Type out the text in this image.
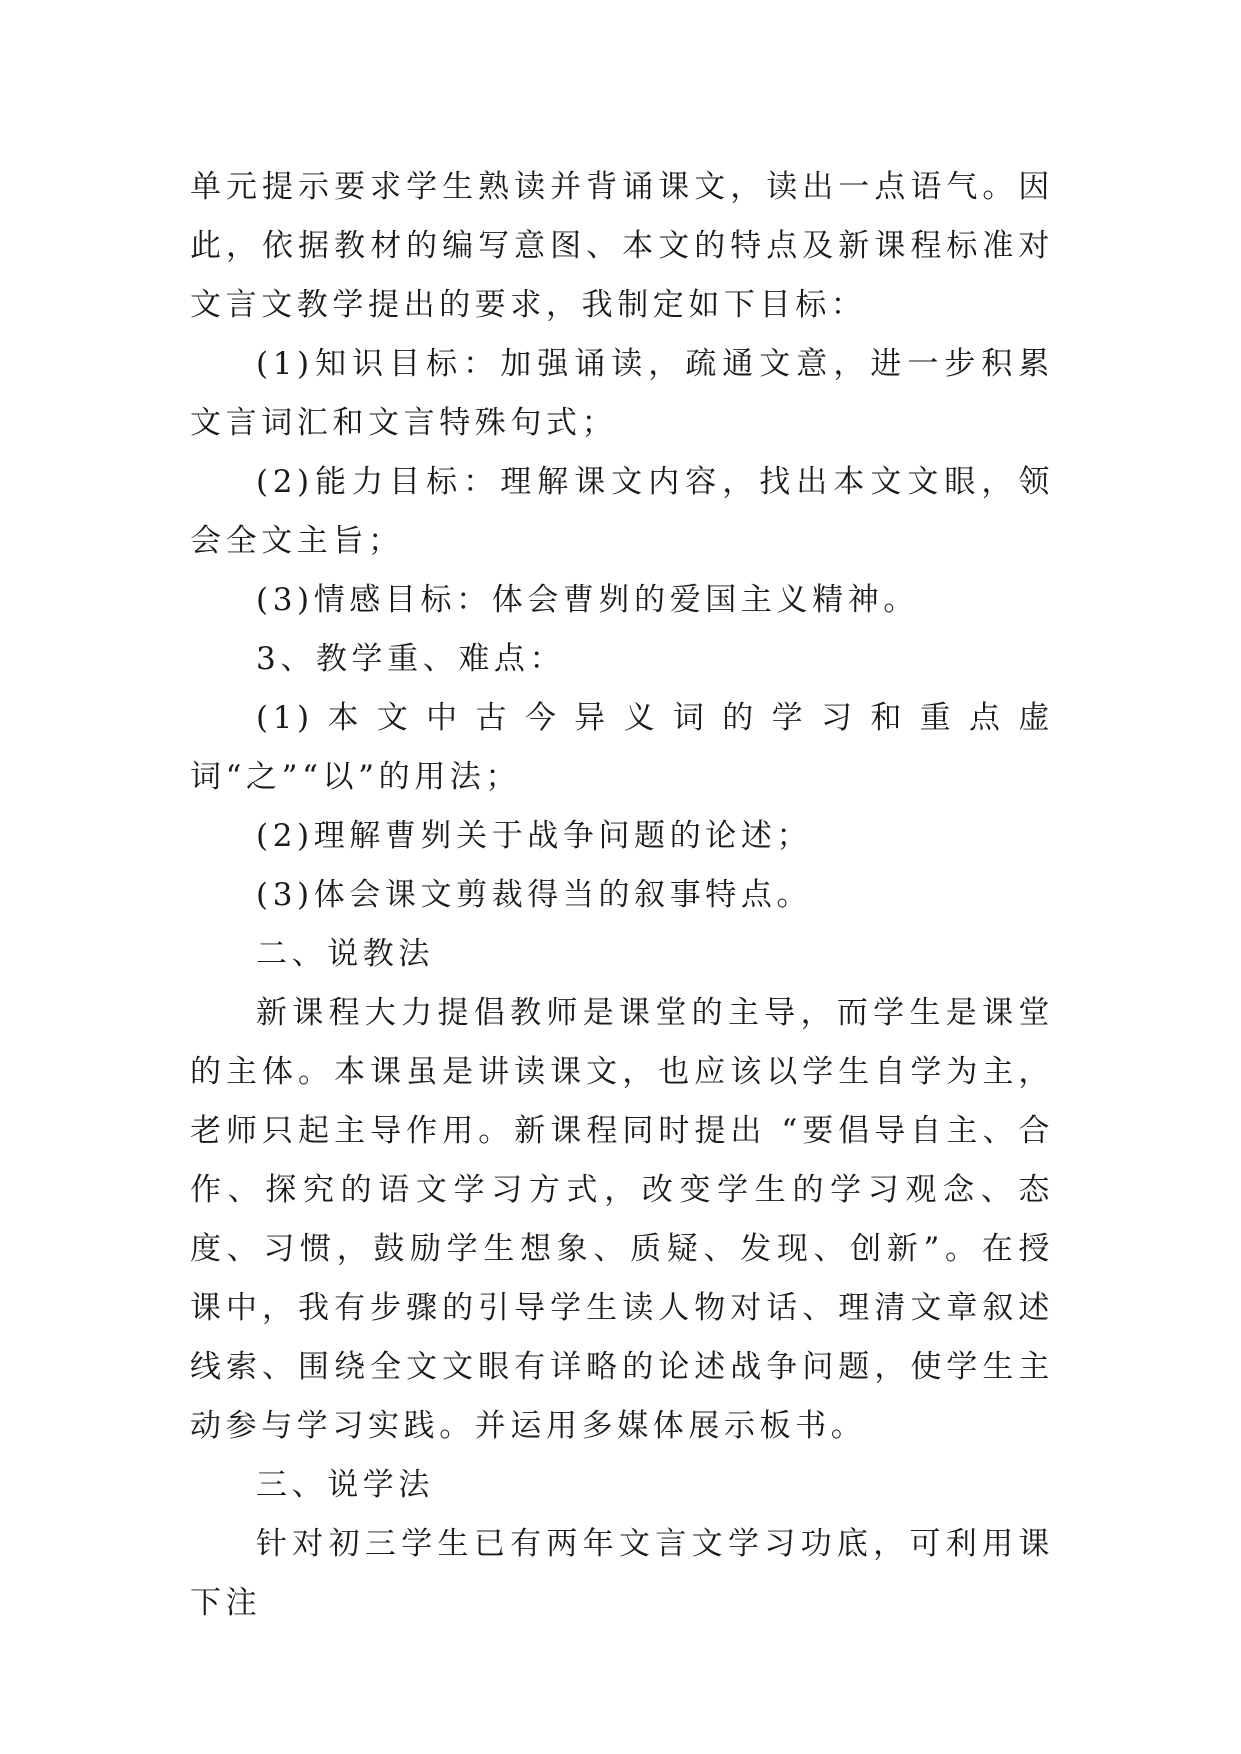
单元提示要求学生熟读并背诵课文，读出一点语气。因此，依据教材的编写意图、本文的特点及新课程标准对文言文教学提出的要求，我制定如下目标：

(1)知识目标：加强诵读，疏通文意，进一步积累文言词汇和文言特殊句式；

(2)能力目标：理解课文内容，找出本文文眼，领会全文主旨；

(3)情感目标：体会曹刿的爱国主义精神。

3、教学重、难点：

(1)本文中古今异义词的学习和重点虚词“之”“以”的用法；

(2)理解曹刿关于战争问题的论述；

(3)体会课文剪裁得当的叙事特点。

二、说教法

新课程大力提倡教师是课堂的主导，而学生是课堂的主体。本课虽是讲读课文，也应该以学生自学为主，老师只起主导作用。新课程同时提出 “要倡导自主、合作、探究的语文学习方式，改变学生的学习观念、态度、习惯，鼓励学生想象、质疑、发现、创新”。在授课中，我有步骤的引导学生读人物对话、理清文章叙述线索、围绕全文文眼有详略的论述战争问题，使学生主动参与学习实践。并运用多媒体展示板书。

三、说学法

针对初三学生已有两年文言文学习功底，可利用课下注
